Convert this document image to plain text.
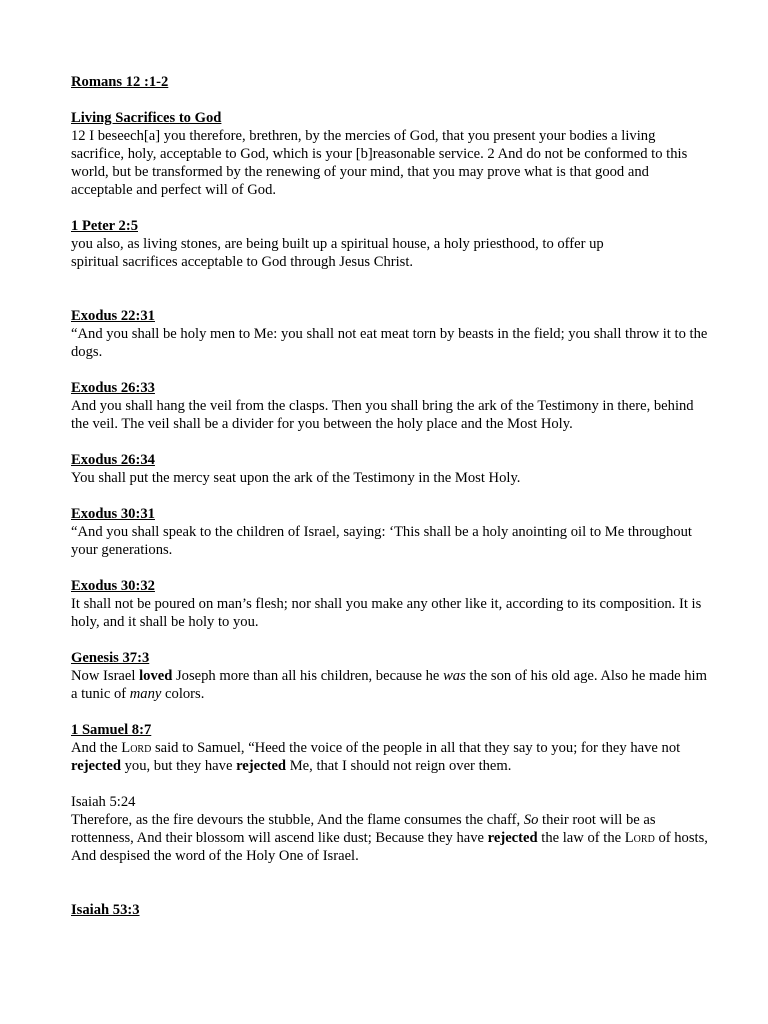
Romans 12 :1-2
Living Sacrifices to God
12 I beseech[a] you therefore, brethren, by the mercies of God, that you present your bodies a living sacrifice, holy, acceptable to God, which is your [b]reasonable service. 2 And do not be conformed to this world, but be transformed by the renewing of your mind, that you may prove what is that good and acceptable and perfect will of God.
1 Peter 2:5
you also, as living stones, are being built up a spiritual house, a holy priesthood, to offer up
spiritual sacrifices acceptable to God through Jesus Christ.
Exodus 22:31
“And you shall be holy men to Me: you shall not eat meat torn by beasts in the field; you shall throw it to the dogs.
Exodus 26:33
And you shall hang the veil from the clasps. Then you shall bring the ark of the Testimony in there, behind the veil. The veil shall be a divider for you between the holy place and the Most Holy.
Exodus 26:34
You shall put the mercy seat upon the ark of the Testimony in the Most Holy.
Exodus 30:31
“And you shall speak to the children of Israel, saying: ‘This shall be a holy anointing oil to Me throughout your generations.
Exodus 30:32
It shall not be poured on man’s flesh; nor shall you make any other like it, according to its composition. It is holy, and it shall be holy to you.
Genesis 37:3
Now Israel loved Joseph more than all his children, because he was the son of his old age. Also he made him a tunic of many colors.
1 Samuel 8:7
And the Lord said to Samuel, “Heed the voice of the people in all that they say to you; for they have not rejected you, but they have rejected Me, that I should not reign over them.
Isaiah 5:24
Therefore, as the fire devours the stubble, And the flame consumes the chaff, So their root will be as rottenness, And their blossom will ascend like dust; Because they have rejected the law of the Lord of hosts, And despised the word of the Holy One of Israel.
Isaiah 53:3
